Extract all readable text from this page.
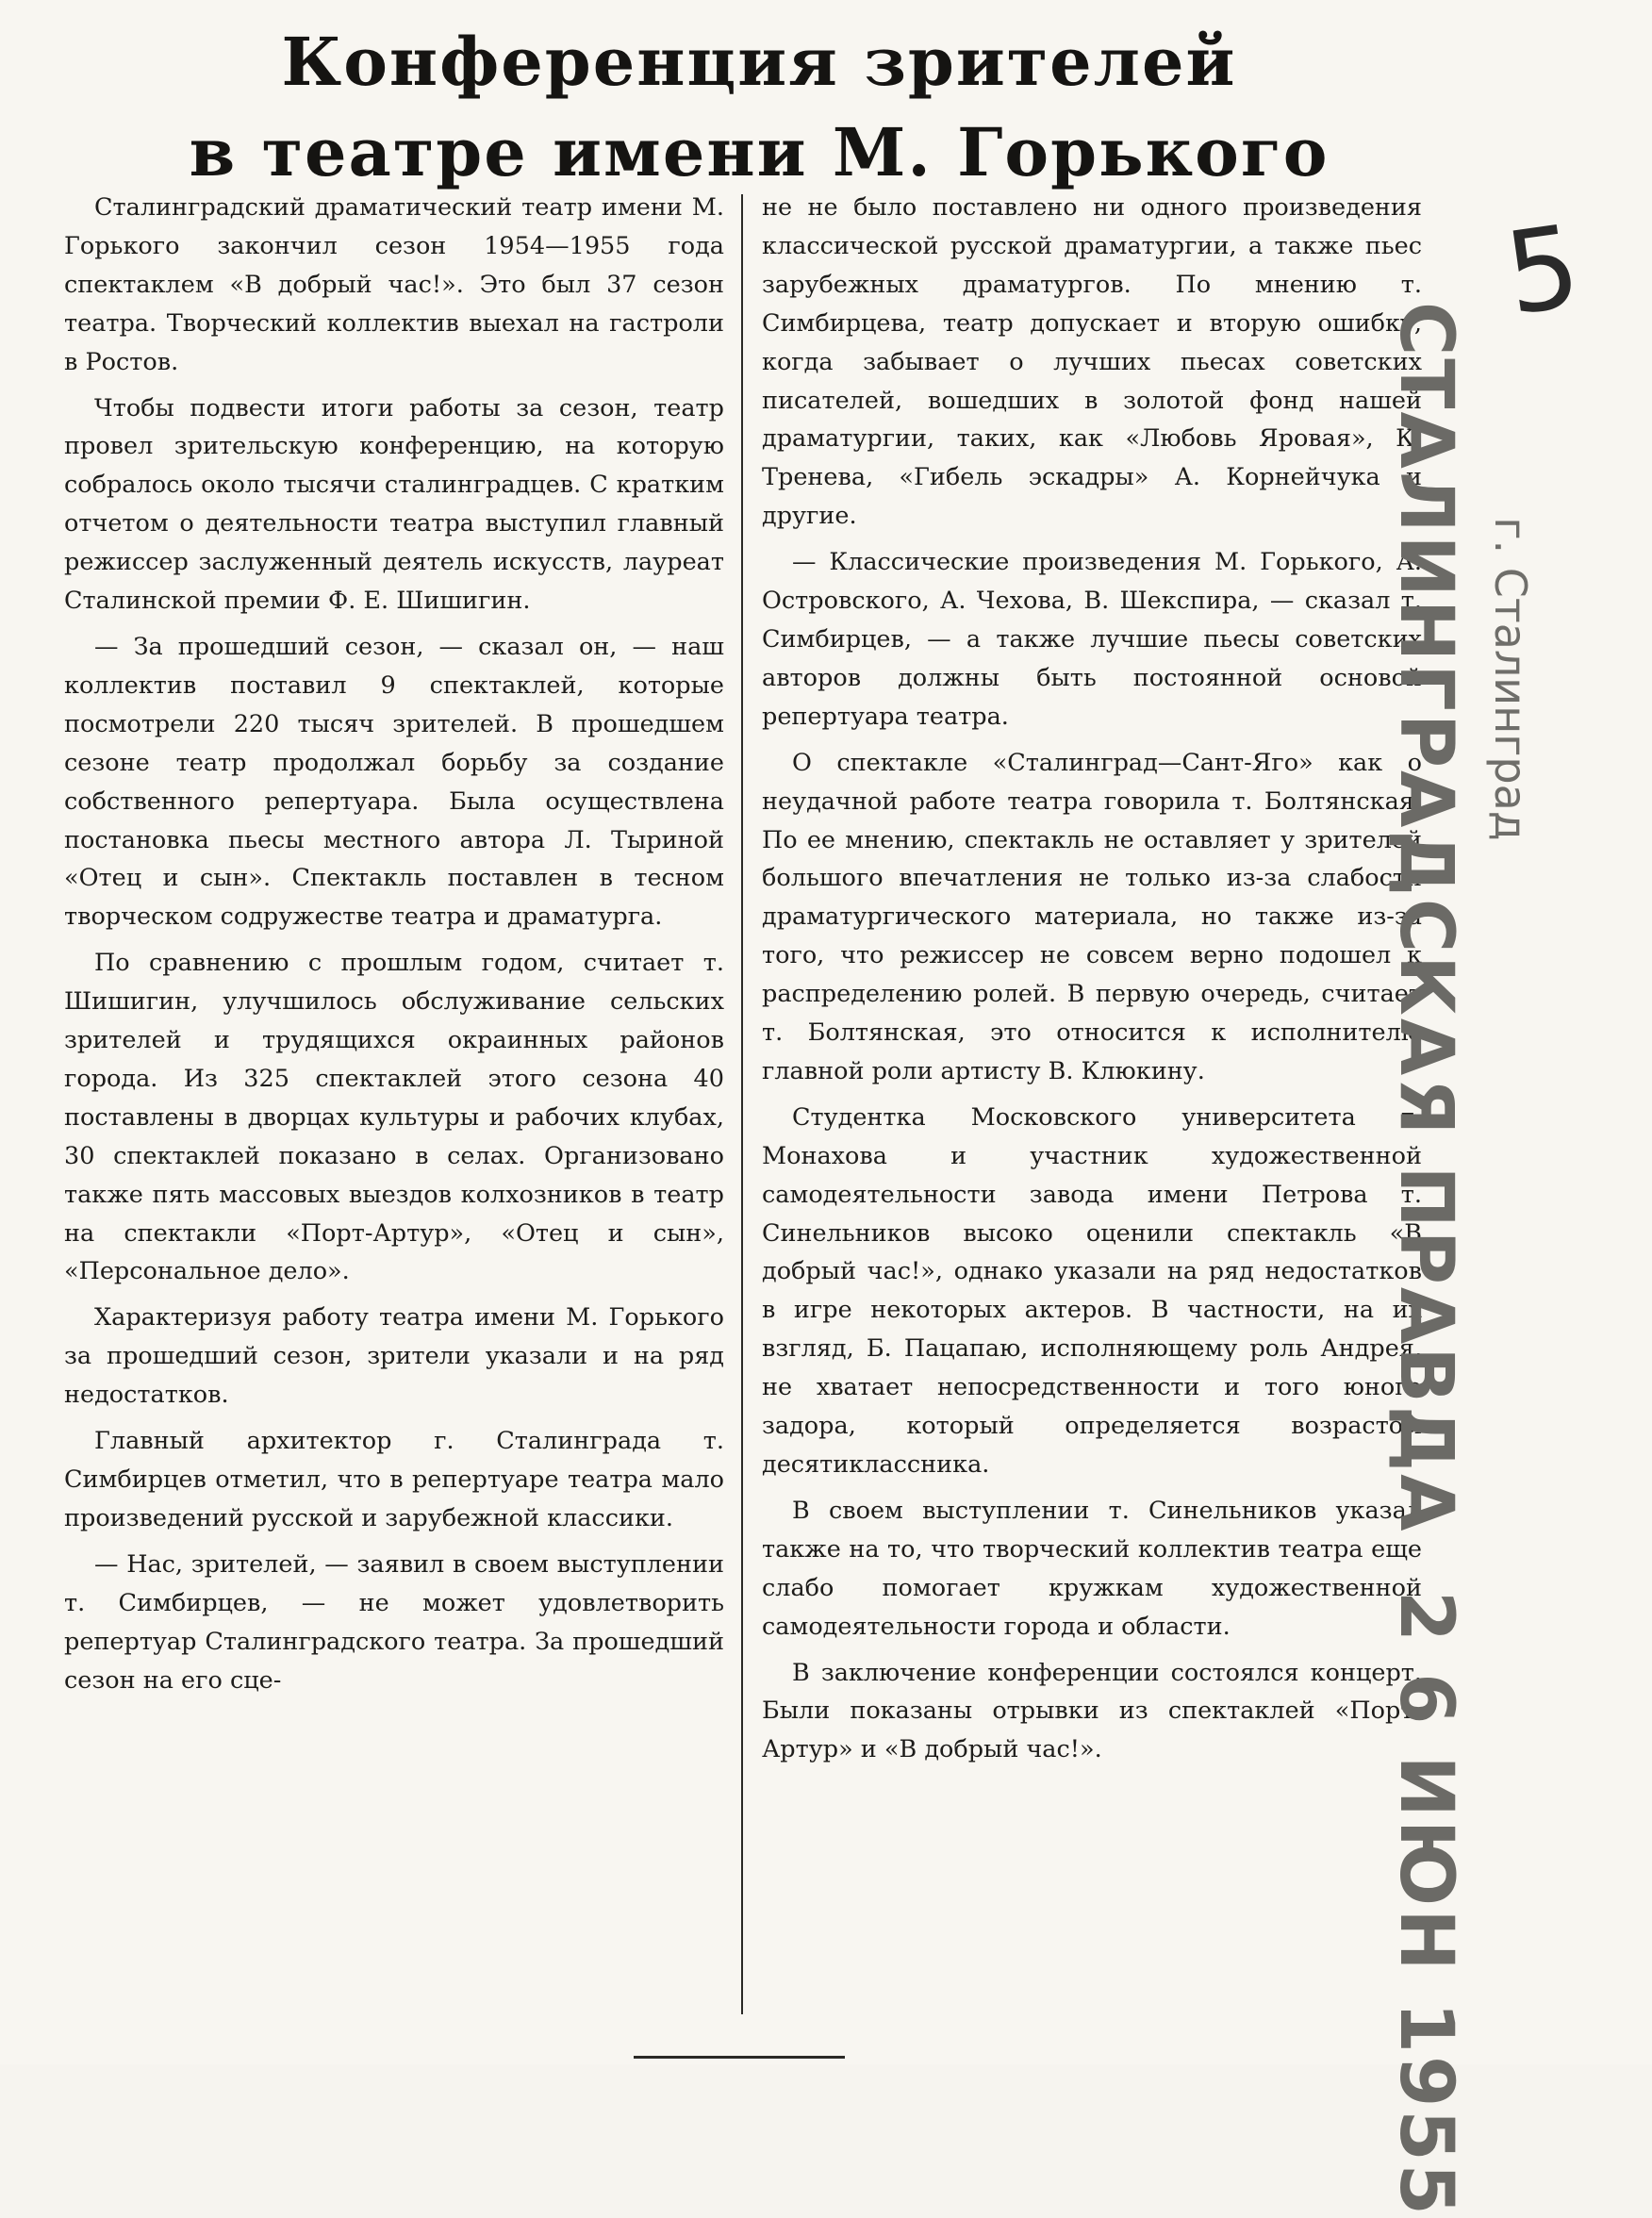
Конференция зрителей
в театре имени М. Горького

Сталинградский драматический театр имени М. Горького закончил сезон 1954—1955 года спектаклем «В добрый час!». Это был 37 сезон театра. Творческий коллектив выехал на гастроли в Ростов.

Чтобы подвести итоги работы за сезон, театр провел зрительскую конференцию, на которую собралось около тысячи сталинградцев. С кратким отчетом о деятельности театра выступил главный режиссер заслуженный деятель искусств, лауреат Сталинской премии Ф. Е. Шишигин.

— За прошедший сезон, — сказал он, — наш коллектив поставил 9 спектаклей, которые посмотрели 220 тысяч зрителей. В прошедшем сезоне театр продолжал борьбу за создание собственного репертуара. Была осуществлена постановка пьесы местного автора Л. Тыриной «Отец и сын». Спектакль поставлен в тесном творческом содружестве театра и драматурга.

По сравнению с прошлым годом, считает т. Шишигин, улучшилось обслуживание сельских зрителей и трудящихся окраинных районов города. Из 325 спектаклей этого сезона 40 поставлены в дворцах культуры и рабочих клубах, 30 спектаклей показано в селах. Организовано также пять массовых выездов колхозников в театр на спектакли «Порт-Артур», «Отец и сын», «Персональное дело».

Характеризуя работу театра имени М. Горького за прошедший сезон, зрители указали и на ряд недостатков.

Главный архитектор г. Сталинграда т. Симбирцев отметил, что в репертуаре театра мало произведений русской и зарубежной классики.

— Нас, зрителей, — заявил в своем выступлении т. Симбирцев, — не может удовлетворить репертуар Сталинградского театра. За прошедший сезон на его сце-

не не было поставлено ни одного произведения классической русской драматургии, а также пьес зарубежных драматургов. По мнению т. Симбирцева, театр допускает и вторую ошибку, когда забывает о лучших пьесах советских писателей, вошедших в золотой фонд нашей драматургии, таких, как «Любовь Яровая», К. Тренева, «Гибель эскадры» А. Корнейчука и другие.

— Классические произведения М. Горького, А. Островского, А. Чехова, В. Шекспира, — сказал т. Симбирцев, — а также лучшие пьесы советских авторов должны быть постоянной основой репертуара театра.

О спектакле «Сталинград—Сант-Яго» как о неудачной работе театра говорила т. Болтянская. По ее мнению, спектакль не оставляет у зрителей большого впечатления не только из-за слабости драматургического материала, но также из-за того, что режиссер не совсем верно подошел к распределению ролей. В первую очередь, считает т. Болтянская, это относится к исполнителю главной роли артисту В. Клюкину.

Студентка Московского университета т. Монахова и участник художественной самодеятельности завода имени Петрова т. Синельников высоко оценили спектакль «В добрый час!», однако указали на ряд недостатков в игре некоторых актеров. В частности, на их взгляд, Б. Пацапаю, исполняющему роль Андрея, не хватает непосредственности и того юного задора, который определяется возрастом десятиклассника.

В своем выступлении т. Синельников указал также на то, что творческий коллектив театра еще слабо помогает кружкам художественной самодеятельности города и области.

В заключение конференции состоялся концерт. Были показаны отрывки из спектаклей «Порт-Артур» и «В добрый час!».

5
СТАЛИНГРАДСКАЯ ПРАВДА 2 6 ИЮН 1955
г. Сталинград
